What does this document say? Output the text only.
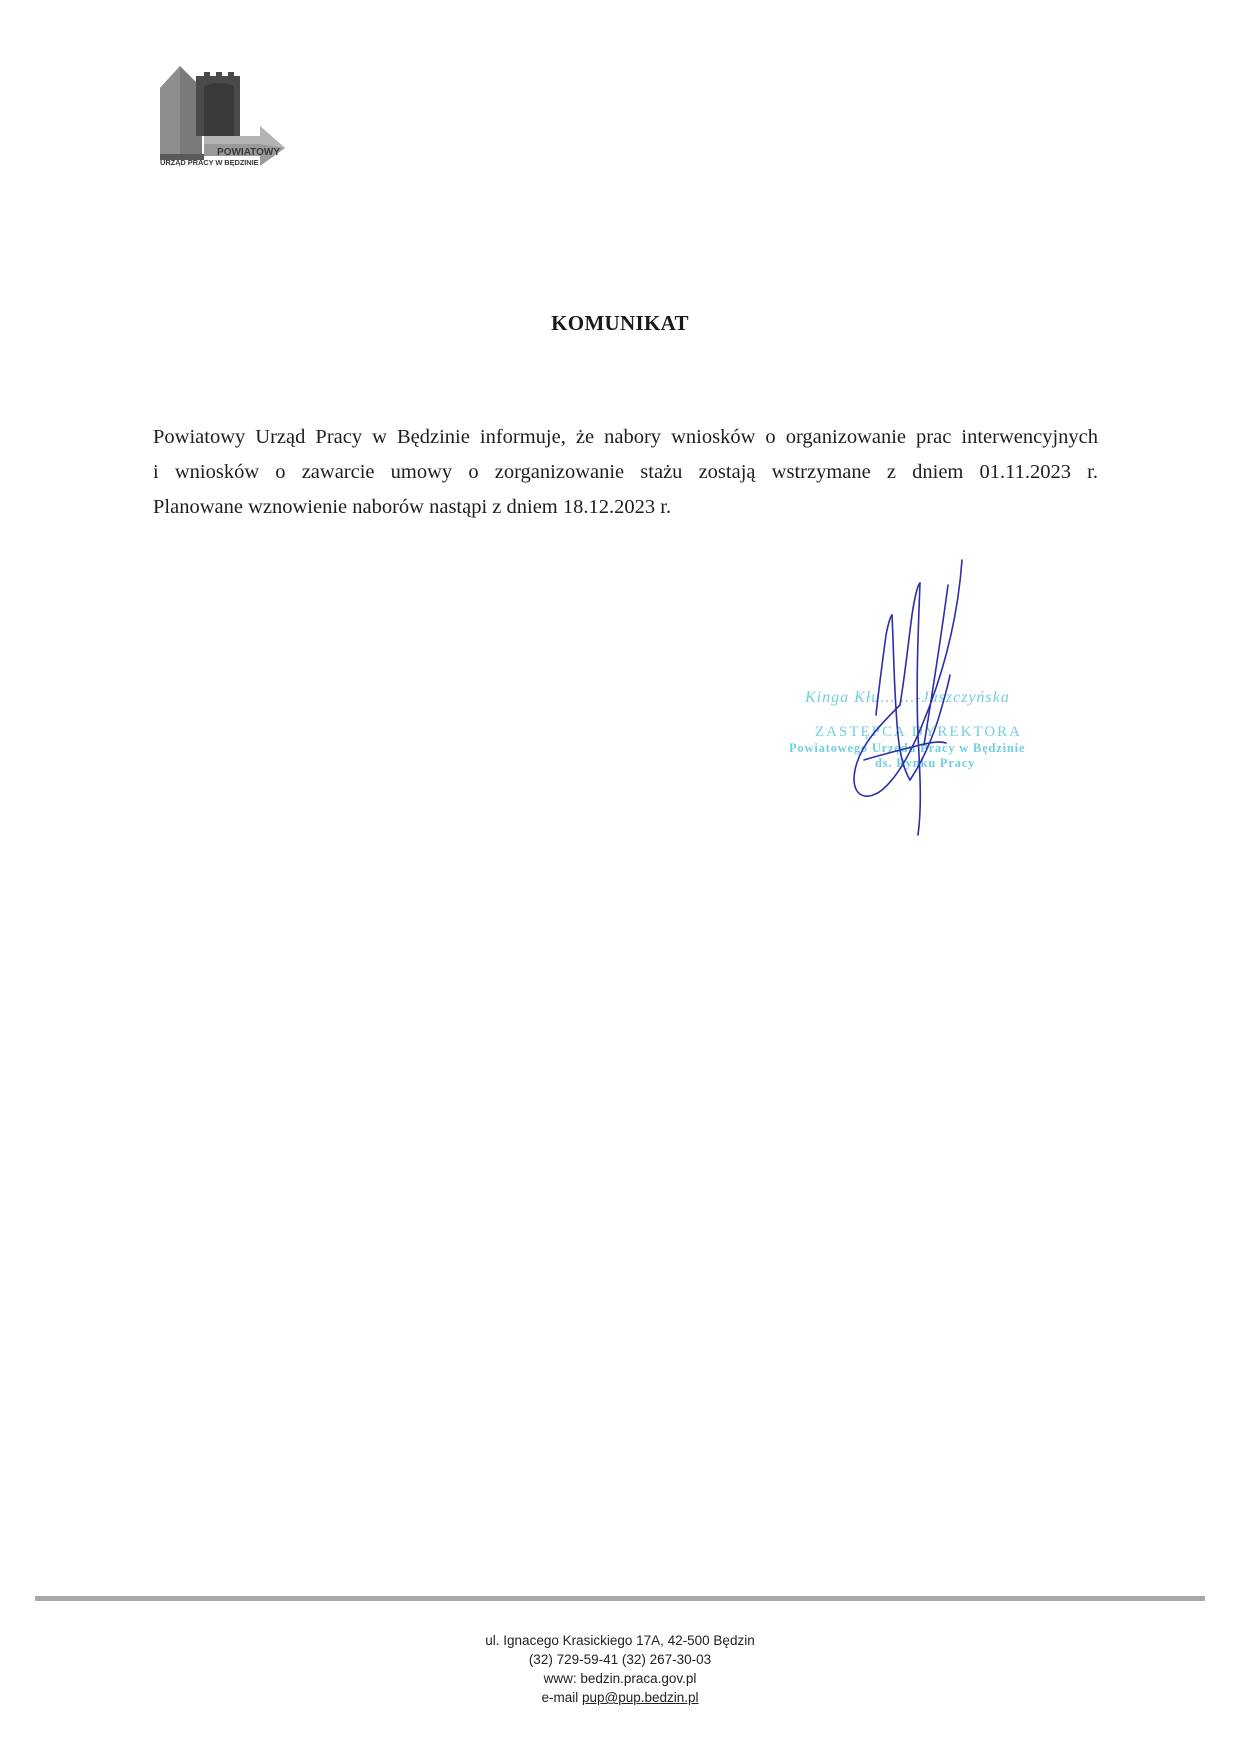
POWIATOWY
URZĄD PRACY W BĘDZINIE
KOMUNIKAT
Powiatowy Urząd Pracy w Będzinie informuje, że nabory wniosków o organizowanie prac interwencyjnych
i wniosków o zawarcie umowy o zorganizowanie stażu zostają wstrzymane z dniem 01.11.2023 r.
Planowane wznowienie naborów nastąpi z dniem 18.12.2023 r.
Kinga Kłu... ...-Juszczyńska
ZASTĘPCA DYREKTORA
Powiatowego Urzędu Pracy w Będzinie
ds. Rynku Pracy
ul. Ignacego Krasickiego 17A, 42-500 Będzin
(32) 729-59-41 (32) 267-30-03
www: bedzin.praca.gov.pl
e-mail pup@pup.bedzin.pl
